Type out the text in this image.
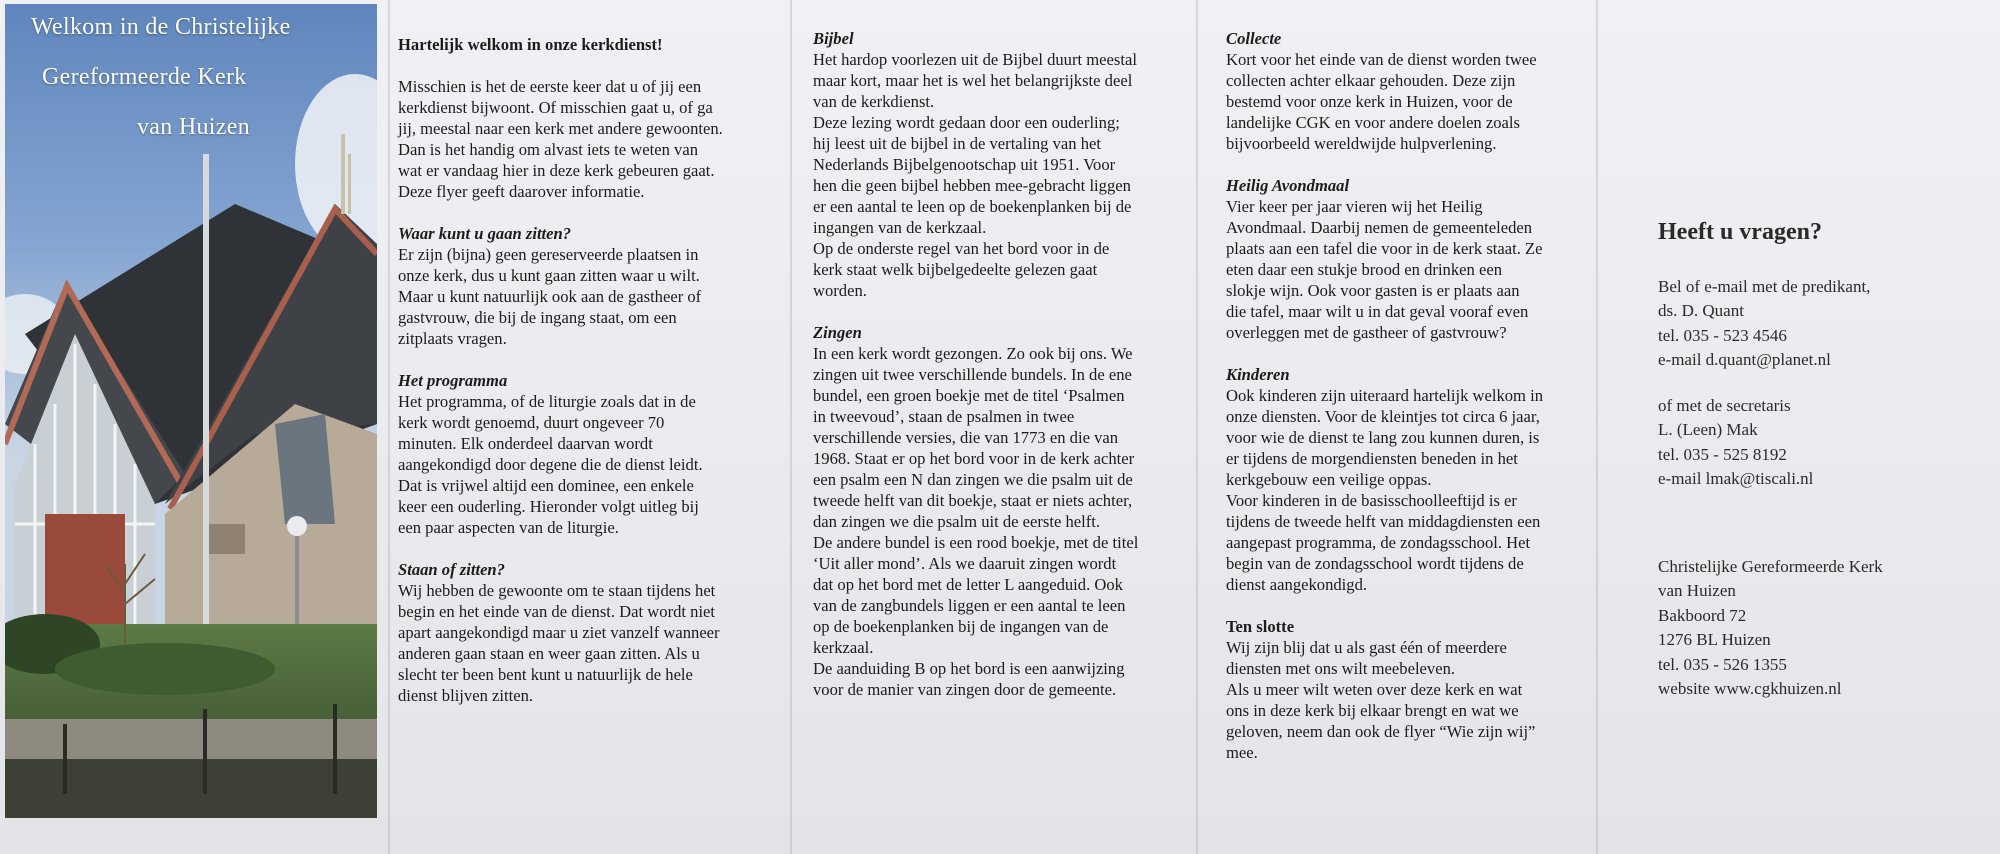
Welkom in de Christelijke
Gereformeerde Kerk
van Huizen

Hartelijk welkom in onze kerkdienst!

Misschien is het de eerste keer dat u of jij een

kerkdienst bijwoont. Of misschien gaat u, of ga

jij, meestal naar een kerk met andere gewoonten.

Dan is het handig om alvast iets te weten van

wat er vandaag hier in deze kerk gebeuren gaat.

Deze flyer geeft daarover informatie.

Waar kunt u gaan zitten?

Er zijn (bijna) geen gereserveerde plaatsen in

onze kerk, dus u kunt gaan zitten waar u wilt.

Maar u kunt natuurlijk ook aan de gastheer of

gastvrouw, die bij de ingang staat, om een

zitplaats vragen.

Het programma

Het programma, of de liturgie zoals dat in de

kerk wordt genoemd, duurt ongeveer 70

minuten. Elk onderdeel daarvan wordt

aangekondigd door degene die de dienst leidt.

Dat is vrijwel altijd een dominee, een enkele

keer een ouderling. Hieronder volgt uitleg bij

een paar aspecten van de liturgie.

Staan of zitten?

Wij hebben de gewoonte om te staan tijdens het

begin en het einde van de dienst. Dat wordt niet

apart aangekondigd maar u ziet vanzelf wanneer

anderen gaan staan en weer gaan zitten. Als u

slecht ter been bent kunt u natuurlijk de hele

dienst blijven zitten.

Bijbel

Het hardop voorlezen uit de Bijbel duurt meestal

maar kort, maar het is wel het belangrijkste deel

van de kerkdienst.

Deze lezing wordt gedaan door een ouderling;

hij leest uit de bijbel in de vertaling van het

Nederlands Bijbelgenootschap uit 1951. Voor

hen die geen bijbel hebben mee-gebracht liggen

er een aantal te leen op de boekenplanken bij de

ingangen van de kerkzaal.

Op de onderste regel van het bord voor in de

kerk staat welk bijbelgedeelte gelezen gaat

worden.

Zingen

In een kerk wordt gezongen. Zo ook bij ons. We

zingen uit twee verschillende bundels. In de ene

bundel, een groen boekje met de titel ‘Psalmen

in tweevoud’, staan de psalmen in twee

verschillende versies, die van 1773 en die van

1968. Staat er op het bord voor in de kerk achter

een psalm een N dan zingen we die psalm uit de

tweede helft van dit boekje, staat er niets achter,

dan zingen we die psalm uit de eerste helft.

De andere bundel is een rood boekje, met de titel

‘Uit aller mond’. Als we daaruit zingen wordt

dat op het bord met de letter L aangeduid. Ook

van de zangbundels liggen er een aantal te leen

op de boekenplanken bij de ingangen van de

kerkzaal.

De aanduiding B op het bord is een aanwijzing

voor de manier van zingen door de gemeente.

Collecte

Kort voor het einde van de dienst worden twee

collecten achter elkaar gehouden. Deze zijn

bestemd voor onze kerk in Huizen, voor de

landelijke CGK en voor andere doelen zoals

bijvoorbeeld wereldwijde hulpverlening.

Heilig Avondmaal

Vier keer per jaar vieren wij het Heilig

Avondmaal. Daarbij nemen de gemeenteleden

plaats aan een tafel die voor in de kerk staat. Ze

eten daar een stukje brood en drinken een

slokje wijn. Ook voor gasten is er plaats aan

die tafel, maar wilt u in dat geval vooraf even

overleggen met de gastheer of gastvrouw?

Kinderen

Ook kinderen zijn uiteraard hartelijk welkom in

onze diensten. Voor de kleintjes tot circa 6 jaar,

voor wie de dienst te lang zou kunnen duren, is

er tijdens de morgendiensten beneden in het

kerkgebouw een veilige oppas.

Voor kinderen in de basisschoolleeftijd is er

tijdens de tweede helft van middagdiensten een

aangepast programma, de zondagsschool. Het

begin van de zondagsschool wordt tijdens de

dienst aangekondigd.

Ten slotte

Wij zijn blij dat u als gast één of meerdere

diensten met ons wilt meebeleven.

Als u meer wilt weten over deze kerk en wat

ons in deze kerk bij elkaar brengt en wat we

geloven, neem dan ook de flyer “Wie zijn wij”

mee.

Heeft u vragen?

Bel of e-mail met de predikant,

ds. D. Quant

tel. 035 - 523 4546

e-mail d.quant@planet.nl

of met de secretaris

L. (Leen) Mak

tel. 035 - 525 8192

e-mail lmak@tiscali.nl

Christelijke Gereformeerde Kerk

van Huizen

Bakboord 72

1276 BL Huizen

tel. 035 - 526 1355

website www.cgkhuizen.nl
